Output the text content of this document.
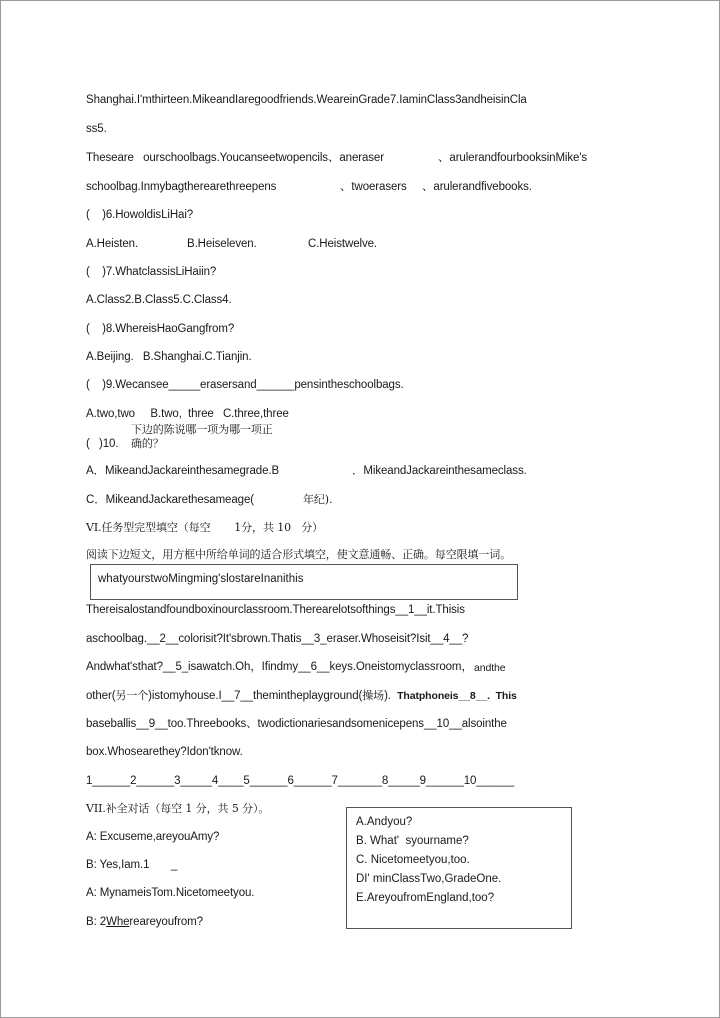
Shanghai.I'mthirteen.MikeandIaregoodfriends.WeareinGrade7.IaminClass3andheisinCla
ss5.
Theseare   ourschoolbags.Youcanseetwopencils、aneraser	、arulerandfourbooksinMike's
schoolbag.Inmybagtherearethreepens	、twoerasers 、arulerandfivebooks.
(    )6.HowoldisLiHai?
A.Heisten.	B.Heiseleven.	C.Heistwelve.
(    )7.WhatclassisLiHaiin?
A.Class2.B.Class5.C.Class4.
(    )8.WhereisHaoGangfrom?
A.Beijing.   B.Shanghai.C.Tianjin.
(    )9.Wecansee_____erasersand______pensintheschoolbags.
A.two,two     B.two,  three   C.three,three
下边的陈说哪一项为哪一项正
(   )10. 确的？
A．MikeandJackareinthesamegrade.B	．MikeandJackareinthesameclass.
C．MikeandJackarethesameage(	年纪).
VI.任务型完型填空（每空       1分，共 10   分）
阅读下边短文，用方框中所给单词的适合形式填空，使文意通畅、正确。每空限填一词。
whatyourstwoMingming'slostareInanithis
Thereisalostandfoundboxinourclassroom.Therearelotsofthings__1__it.Thisis
aschoolbag.__2__colorisit?It'sbrown.Thatis__3_eraser.Whoseisit?Isit__4__?
Andwhat'sthat?__5_isawatch.Oh，Ifindmy__6__keys.Oneistomyclassroom， andthe
other(另一个)istomyhouse.I__7__themintheplayground(操场). Thatphoneis__8__.  This
baseballis__9__too.Threebooks、twodictionariesandsomenicepens__10__alsointhe
box.Whosearethey?Idon'tknow.
1______2______3_____4____5______6______7_______8_____9______10______
VII.补全对话（每空 1 分，共 5 分）。
A: Excuseme,areyouAmy?
B: Yes,Iam.1       _
A: MynameisTom.Nicetomeetyou.
B: 2Whereareyoufrom?
A.Andyou?
B. What'  syourname?
C. Nicetomeetyou,too.
DI' minClassTwo,GradeOne.
E.AreyoufromEngland,too?
